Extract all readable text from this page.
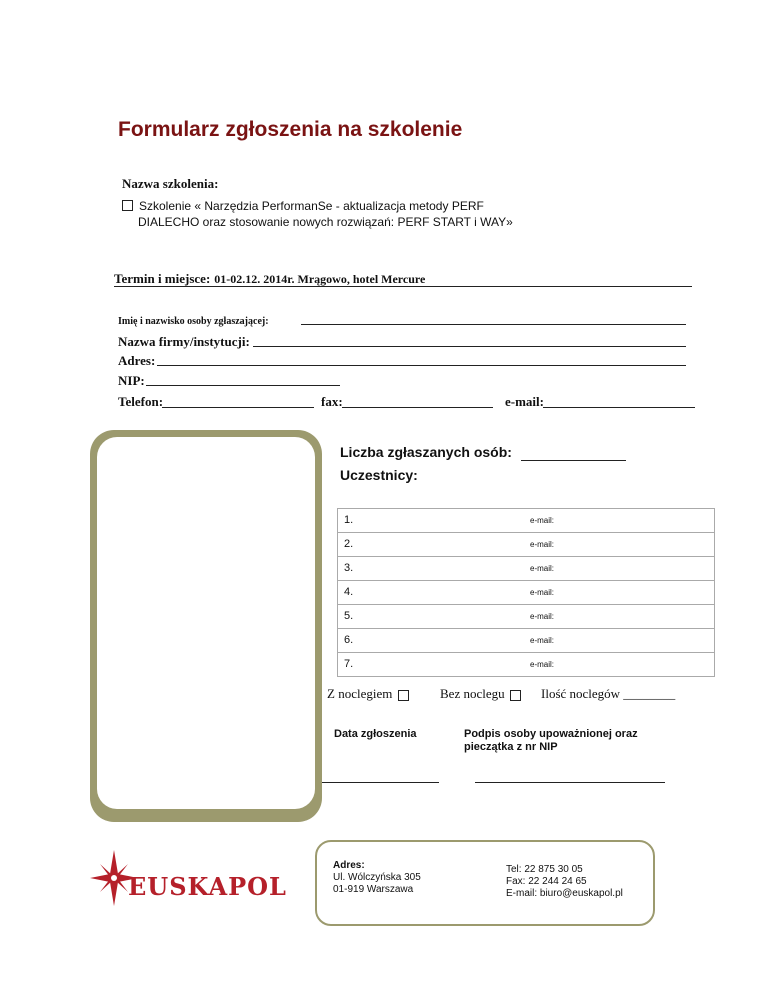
Formularz zgłoszenia na szkolenie
Nazwa szkolenia:
Szkolenie « Narzędzia PerformanSe - aktualizacja metody PERF
DIALECHO oraz stosowanie nowych rozwiązań: PERF START i WAY»
Termin i miejsce: 01-02.12. 2014r. Mrągowo, hotel Mercure
Imię i nazwisko osoby zgłaszającej:
Nazwa firmy/instytucji:
Adres:
NIP:
Telefon:	fax:	e-mail:
Liczba zgłaszanych osób:
Uczestnicy:
1.	e-mail:
2.	e-mail:
3.	e-mail:
4.	e-mail:
5.	e-mail:
6.	e-mail:
7.	e-mail:
Z noclegiem	Bez noclegu	Ilość noclegów ________
Data zgłoszenia	Podpis osoby upoważnionej oraz
pieczątka z nr NIP
EUSKAPOL
Adres:
Ul. Wólczyńska 305
01-919 Warszawa
Tel: 22 875 30 05
Fax: 22 244 24 65
E-mail: biuro@euskapol.pl
